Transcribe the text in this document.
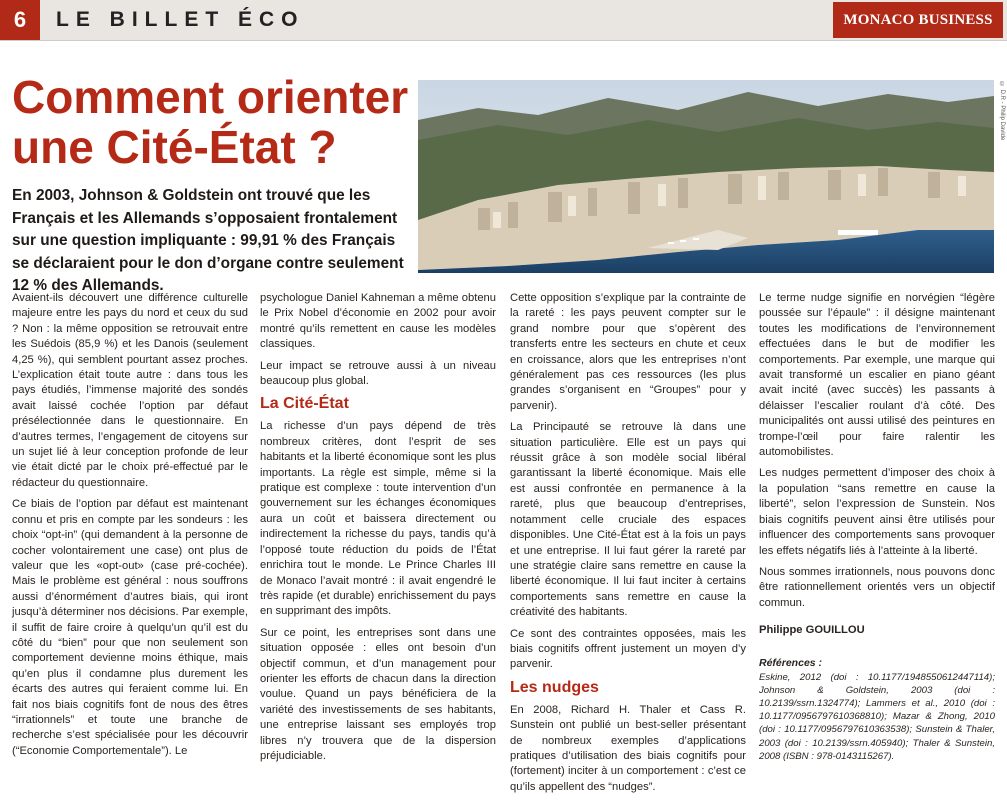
6	LE BILLET ÉCO	MONACO BUSINESS NEWS
Comment orienter
une Cité-État ?

En 2003, Johnson & Goldstein ont trouvé que les Français et les Allemands s’opposaient frontalement sur une question impliquante : 99,91 % des Français se déclaraient pour le don d’organe contre seulement 12 % des Allemands.

© D.R - Philip Davide

Avaient-ils découvert une différence culturelle majeure entre les pays du nord et ceux du sud ? Non : la même opposition se retrouvait entre les Suédois (85,9 %) et les Danois (seulement 4,25 %), qui semblent pourtant assez proches. L’explication était toute autre : dans tous les pays étudiés, l’immense majorité des sondés avait laissé cochée l’option par défaut présélectionnée dans le questionnaire. En d’autres termes, l’engagement de citoyens sur un sujet lié à leur conception profonde de leur vie était dicté par le choix pré-effectué par le rédacteur du questionnaire.

Ce biais de l’option par défaut est maintenant connu et pris en compte par les sondeurs : les choix “opt-in” (qui demandent à la personne de cocher volontairement une case) ont plus de valeur que les «opt-out» (case pré-cochée). Mais le problème est général : nous souffrons aussi d’énormément d’autres biais, qui iront jusqu’à déterminer nos décisions. Par exemple, il suffit de faire croire à quelqu’un qu’il est du côté du “bien” pour que non seulement son comportement devienne moins éthique, mais qu’en plus il condamne plus durement les écarts des autres qui feraient comme lui. En fait nos biais cognitifs font de nous des êtres “irrationnels” et toute une branche de recherche s’est spécialisée pour les découvrir (“Economie Comportementale”). Le

psychologue Daniel Kahneman a même obtenu le Prix Nobel d’économie en 2002 pour avoir montré qu’ils remettent en cause les modèles classiques.

Leur impact se retrouve aussi à un niveau beaucoup plus global.

La Cité-État

La richesse d’un pays dépend de très nombreux critères, dont l’esprit de ses habitants et la liberté économique sont les plus importants. La règle est simple, même si la pratique est complexe : toute intervention d’un gouvernement sur les échanges économiques aura un coût et baissera directement ou indirectement la richesse du pays, tandis qu’à l’opposé toute réduction du poids de l’État enrichira tout le monde. Le Prince Charles III de Monaco l’avait montré : il avait engendré le très rapide (et durable) enrichissement du pays en supprimant des impôts.

Sur ce point, les entreprises sont dans une situation opposée : elles ont besoin d’un objectif commun, et d’un management pour orienter les efforts de chacun dans la direction voulue. Quand un pays bénéficiera de la variété des investissements de ses habitants, une entreprise laissant ses employés trop libres n’y trouvera que de la dispersion préjudiciable.

Cette opposition s’explique par la contrainte de la rareté : les pays peuvent compter sur le grand nombre pour que s’opèrent des transferts entre les secteurs en chute et ceux en croissance, alors que les entreprises n’ont généralement pas ces ressources (les plus grandes s’organisent en “Groupes” pour y parvenir).

La Principauté se retrouve là dans une situation particulière. Elle est un pays qui réussit grâce à son modèle social libéral garantissant la liberté économique. Mais elle est aussi confrontée en permanence à la rareté, plus que beaucoup d’entreprises, notamment celle cruciale des espaces disponibles. Une Cité-État est à la fois un pays et une entreprise. Il lui faut gérer la rareté par une stratégie claire sans remettre en cause la liberté économique. Il lui faut inciter à certains comportements sans remettre en cause la créativité des habitants.

Ce sont des contraintes opposées, mais les biais cognitifs offrent justement un moyen d’y parvenir.

Les nudges

En 2008, Richard H. Thaler et Cass R. Sunstein ont publié un best-seller présentant de nombreux exemples d’applications pratiques d’utilisation des biais cognitifs pour (fortement) inciter à un comportement : c’est ce qu’ils appellent des “nudges”.

Le terme nudge signifie en norvégien “légère poussée sur l’épaule” : il désigne maintenant toutes les modifications de l’environnement effectuées dans le but de modifier les comportements. Par exemple, une marque qui avait transformé un escalier en piano géant avait incité (avec succès) les passants à délaisser l’escalier roulant d’à côté. Des municipalités ont aussi utilisé des peintures en trompe-l’œil pour faire ralentir les automobilistes.

Les nudges permettent d’imposer des choix à la population “sans remettre en cause la liberté”, selon l’expression de Sunstein. Nos biais cognitifs peuvent ainsi être utilisés pour influencer des comportements sans provoquer les effets négatifs liés à l’atteinte à la liberté.

Nous sommes irrationnels, nous pouvons donc être rationnellement orientés vers un objectif commun.

Philippe GOUILLOU

Références :

Eskine, 2012 (doi : 10.1177/1948550612447114); Johnson & Goldstein, 2003 (doi : 10.2139/ssrn.1324774); Lammers et al., 2010 (doi : 10.1177/0956797610368810); Mazar & Zhong, 2010 (doi : 10.1177/0956797610363538); Sunstein & Thaler, 2003 (doi : 10.2139/ssrn.405940); Thaler & Sunstein, 2008 (ISBN : 978-0143115267).
